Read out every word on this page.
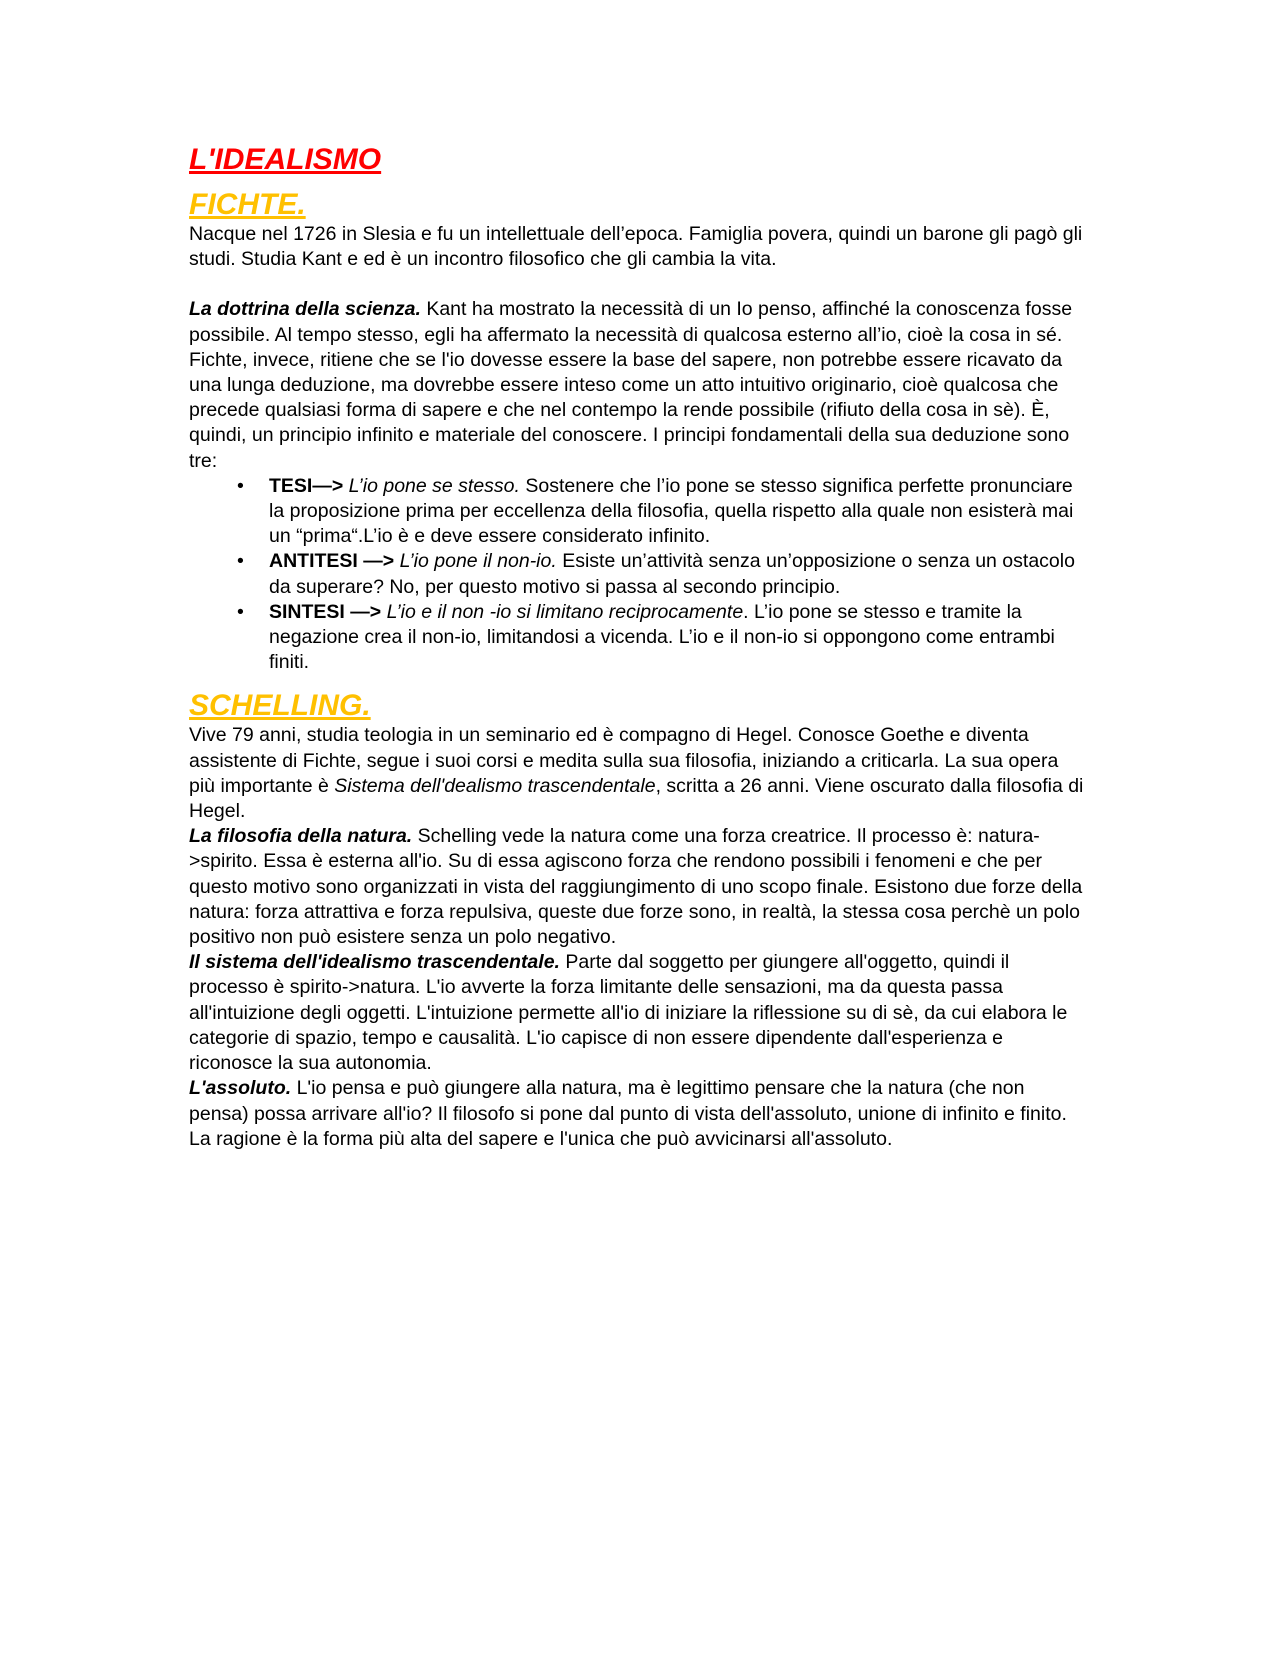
L'IDEALISMO
FICHTE.

Nacque nel 1726 in Slesia e fu un intellettuale dell’epoca. Famiglia povera, quindi un barone gli pagò gli studi. Studia Kant e ed è un incontro filosofico che gli cambia la vita.

La dottrina della scienza. Kant ha mostrato la necessità di un Io penso, affinché la conoscenza fosse possibile. Al tempo stesso, egli ha affermato la necessità di qualcosa esterno all’io, cioè la cosa in sé. Fichte, invece, ritiene che se l'io dovesse essere la base del sapere, non potrebbe essere ricavato da una lunga deduzione, ma dovrebbe essere inteso come un atto intuitivo originario, cioè qualcosa che precede qualsiasi forma di sapere e che nel contempo la rende possibile (rifiuto della cosa in sè). È, quindi, un principio infinito e materiale del conoscere. I principi fondamentali della sua deduzione sono tre:

• TESI—> L’io pone se stesso. Sostenere che l’io pone se stesso significa perfette pronunciare la proposizione prima per eccellenza della filosofia, quella rispetto alla quale non esisterà mai un “prima“.L’io è e deve essere considerato infinito.
• ANTITESI —> L’io pone il non-io. Esiste un’attività senza un’opposizione o senza un ostacolo da superare? No, per questo motivo si passa al secondo principio.
• SINTESI —> L’io e il non -io si limitano reciprocamente. L’io pone se stesso e tramite la negazione crea il non-io, limitandosi a vicenda. L’io e il non-io si oppongono come entrambi finiti.
SCHELLING.

Vive 79 anni, studia teologia in un seminario ed è compagno di Hegel. Conosce Goethe e diventa assistente di Fichte, segue i suoi corsi e medita sulla sua filosofia, iniziando a criticarla. La sua opera più importante è Sistema dell'dealismo trascendentale, scritta a 26 anni. Viene oscurato dalla filosofia di Hegel.

La filosofia della natura. Schelling vede la natura come una forza creatrice. Il processo è: natura->spirito. Essa è esterna all'io. Su di essa agiscono forza che rendono possibili i fenomeni e che per questo motivo sono organizzati in vista del raggiungimento di uno scopo finale. Esistono due forze della natura: forza attrattiva e forza repulsiva, queste due forze sono, in realtà, la stessa cosa perchè un polo positivo non può esistere senza un polo negativo.

Il sistema dell'idealismo trascendentale. Parte dal soggetto per giungere all'oggetto, quindi il processo è spirito->natura. L'io avverte la forza limitante delle sensazioni, ma da questa passa all'intuizione degli oggetti. L'intuizione permette all'io di iniziare la riflessione su di sè, da cui elabora le categorie di spazio, tempo e causalità. L'io capisce di non essere dipendente dall'esperienza e riconosce la sua autonomia.

L'assoluto. L'io pensa e può giungere alla natura, ma è legittimo pensare che la natura (che non pensa) possa arrivare all'io? Il filosofo si pone dal punto di vista dell'assoluto, unione di infinito e finito. La ragione è la forma più alta del sapere e l'unica che può avvicinarsi all'assoluto.
